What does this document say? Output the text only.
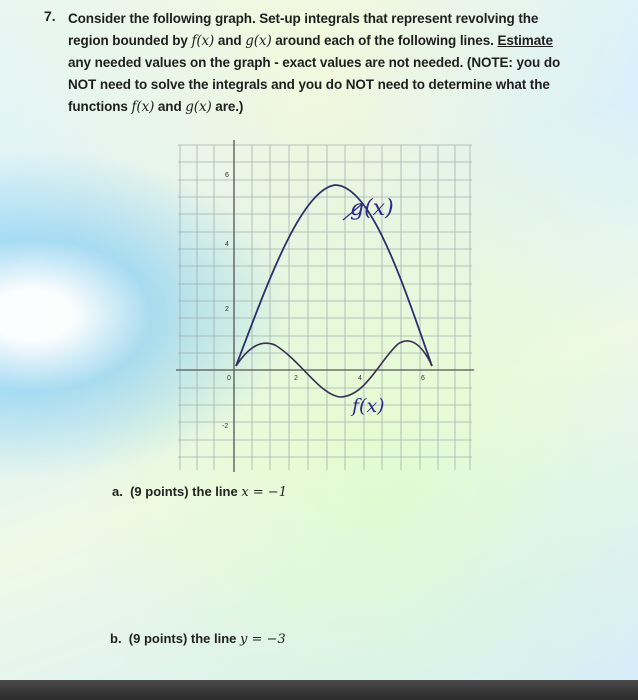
7. Consider the following graph. Set-up integrals that represent revolving the
region bounded by f(x) and g(x) around each of the following lines. Estimate
any needed values on the graph - exact values are not needed. (NOTE: you do
NOT need to solve the integrals and you do NOT need to determine what the
functions f(x) and g(x) are.)
0	2	4	6
6
4
2
-2
g(x)
f(x)
a. (9 points) the line x = −1
b. (9 points) the line y = −3
